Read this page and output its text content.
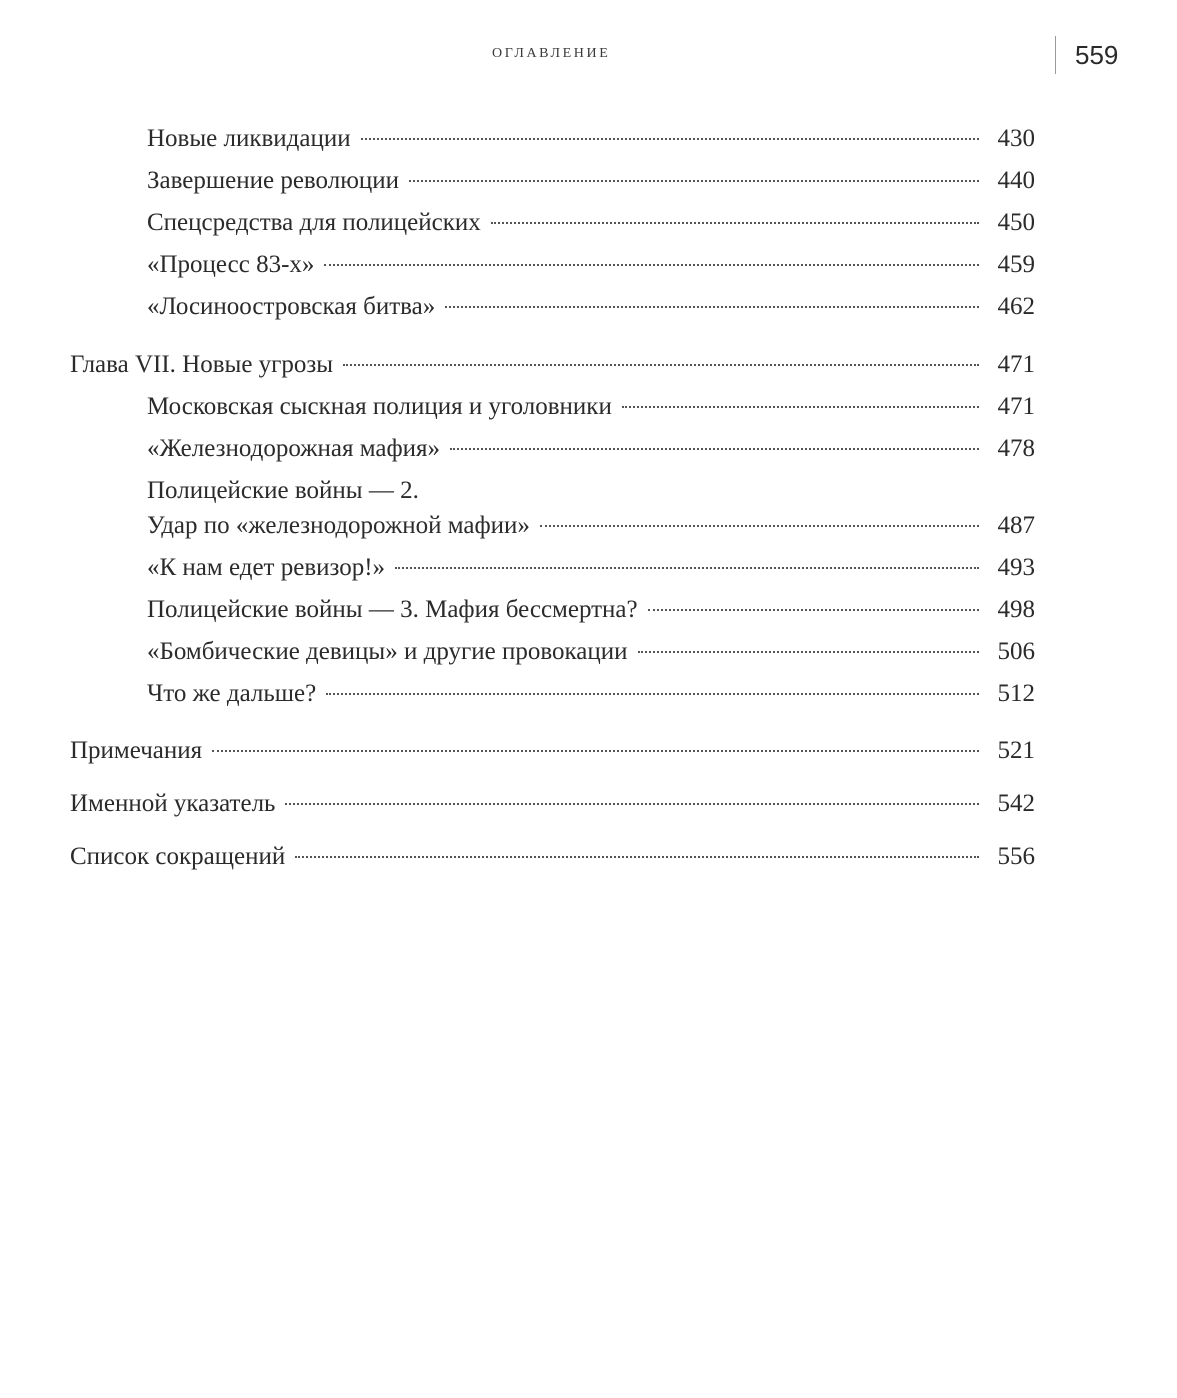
ОГЛАВЛЕНИЕ	559
Новые ликвидации	430
Завершение революции	440
Спецсредства для полицейских	450
«Процесс 83-х»	459
«Лосиноостровская битва»	462
Глава VII. Новые угрозы	471
Московская сыскная полиция и уголовники	471
«Железнодорожная мафия»	478
Полицейские войны — 2.
Удар по «железнодорожной мафии»	487
«К нам едет ревизор!»	493
Полицейские войны — 3. Мафия бессмертна?	498
«Бомбические девицы» и другие провокации	506
Что же дальше?	512
Примечания	521
Именной указатель	542
Список сокращений	556
